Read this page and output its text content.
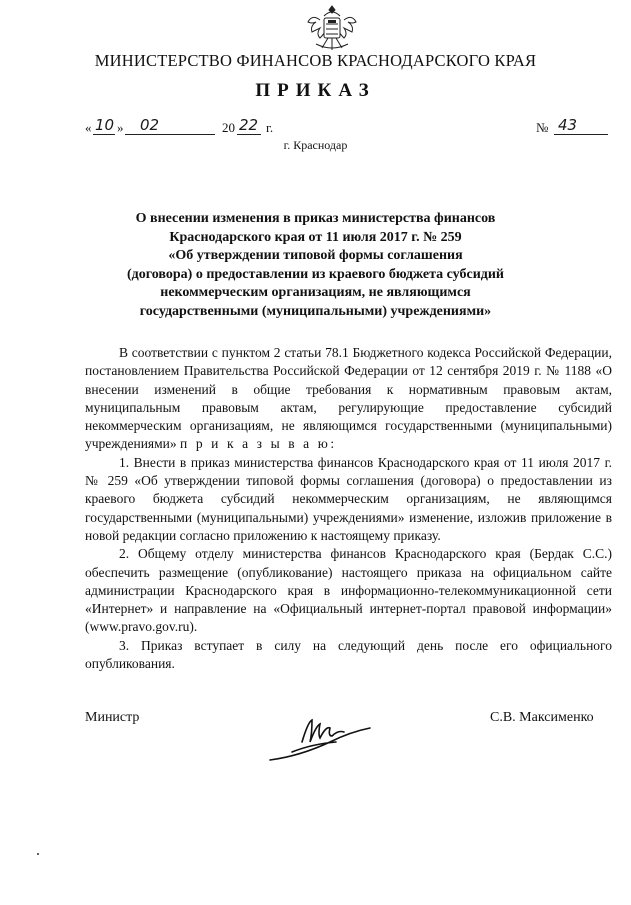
МИНИСТЕРСТВО ФИНАНСОВ КРАСНОДАРСКОГО КРАЯ
ПРИКАЗ
« 10 » 02	20 22 г.	№ 43
г. Краснодар
О внесении изменения в приказ министерства финансов
Краснодарского края от 11 июля 2017 г. № 259
«Об утверждении типовой формы соглашения
(договора) о предоставлении из краевого бюджета субсидий
некоммерческим организациям, не являющимся
государственными (муниципальными) учреждениями»

В соответствии с пунктом 2 статьи 78.1 Бюджетного кодекса Российской Федерации, постановлением Правительства Российской Федерации от 12 сентября 2019 г. № 1188 «О внесении изменений в общие требования к нормативным правовым актам, муниципальным правовым актам, регулирующие предоставление субсидий некоммерческим организациям, не являющимся государственными (муниципальными) учреждениями» п р и к а з ы в а ю:

1. Внести в приказ министерства финансов Краснодарского края от 11 июля 2017 г. № 259 «Об утверждении типовой формы соглашения (договора) о предоставлении из краевого бюджета субсидий некоммерческим организациям, не являющимся государственными (муниципальными) учреждениями» изменение, изложив приложение в новой редакции согласно приложению к настоящему приказу.

2. Общему отделу министерства финансов Краснодарского края (Бердак С.С.) обеспечить размещение (опубликование) настоящего приказа на официальном сайте администрации Краснодарского края в информационно-телекоммуникационной сети «Интернет» и направление на «Официальный интернет-портал правовой информации» (www.pravo.gov.ru).

3. Приказ вступает в силу на следующий день после его официального опубликования.

Министр	С.В. Максименко
